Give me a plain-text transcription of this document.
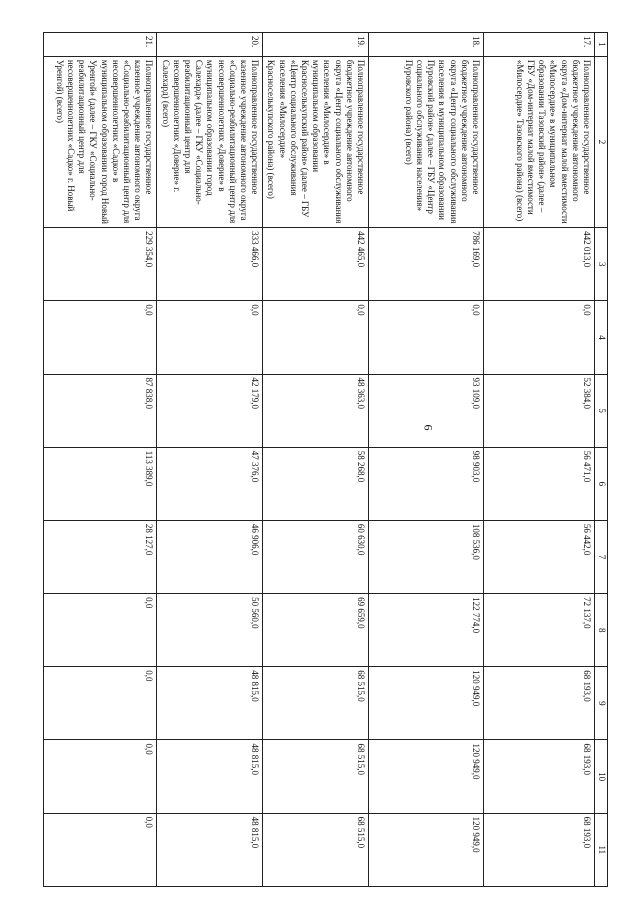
6
1	2	3	4	5	6	7	8	9	10	11
17.	Полноправленное государственное бюджетное учреждение автономного округа «Дом-интернат малой вместимости «Милосердие» в муниципальном образовании Тазовский район» (далее – ГБУ «Дом-интернат малой вместимости «Милосердие» Тазовского района) (всего)	442 013,0	0,0	52 384,0	56 471,0	56 442,0	72 137,0	68 193,0	68 193,0	68 193,0
18.	Полноправленное государственное бюджетное учреждение автономного округа «Центр социального обслуживания населения в муниципальном образовании Пуровский район» (далее – ГБУ «Центр социального обслуживания населения» Пуровского района) (всего)	786 169,0	0,0	93 109,0	98 903,0	108 536,0	122 774,0	120 949,0	120 949,0	120 949,0
19.	Полноправленное государственное бюджетное учреждение автономного округа «Центр социального обслуживания населения «Милосердие» в муниципальном образовании Красноселькупский район» (далее – ГБУ «Центр социального обслуживания населения «Милосердие» Красноселькупского района) (всего)	442 465,0	0,0	48 363,0	58 268,0	60 630,0	69 659,0	68 515,0	68 515,0	68 515,0
20.	Полноправленное государственное казенное учреждение автономного округа «Социально-реабилитационный центр для несовершеннолетних «Доверие» в муниципальном образовании город Салехард» (далее – ГКУ «Социально-реабилитационный центр для несовершеннолетних «Доверие» г. Салехард) (всего)	333 466,0	0,0	42 179,0	47 376,0	46 906,0	50 560,0	48 815,0	48 815,0	48 815,0
21.	Полноправленное государственное казенное учреждение автономного округа «Социально-реабилитационный центр для несовершеннолетних «Садко» в муниципальном образовании город Новый Уренгой» (далее – ГКУ «Социально-реабилитационный центр для несовершеннолетних «Садко» г. Новый Уренгой) (всего)	229 354,0	0,0	87 838,0	113 389,0	28 127,0	0,0	0,0	0,0	0,0
